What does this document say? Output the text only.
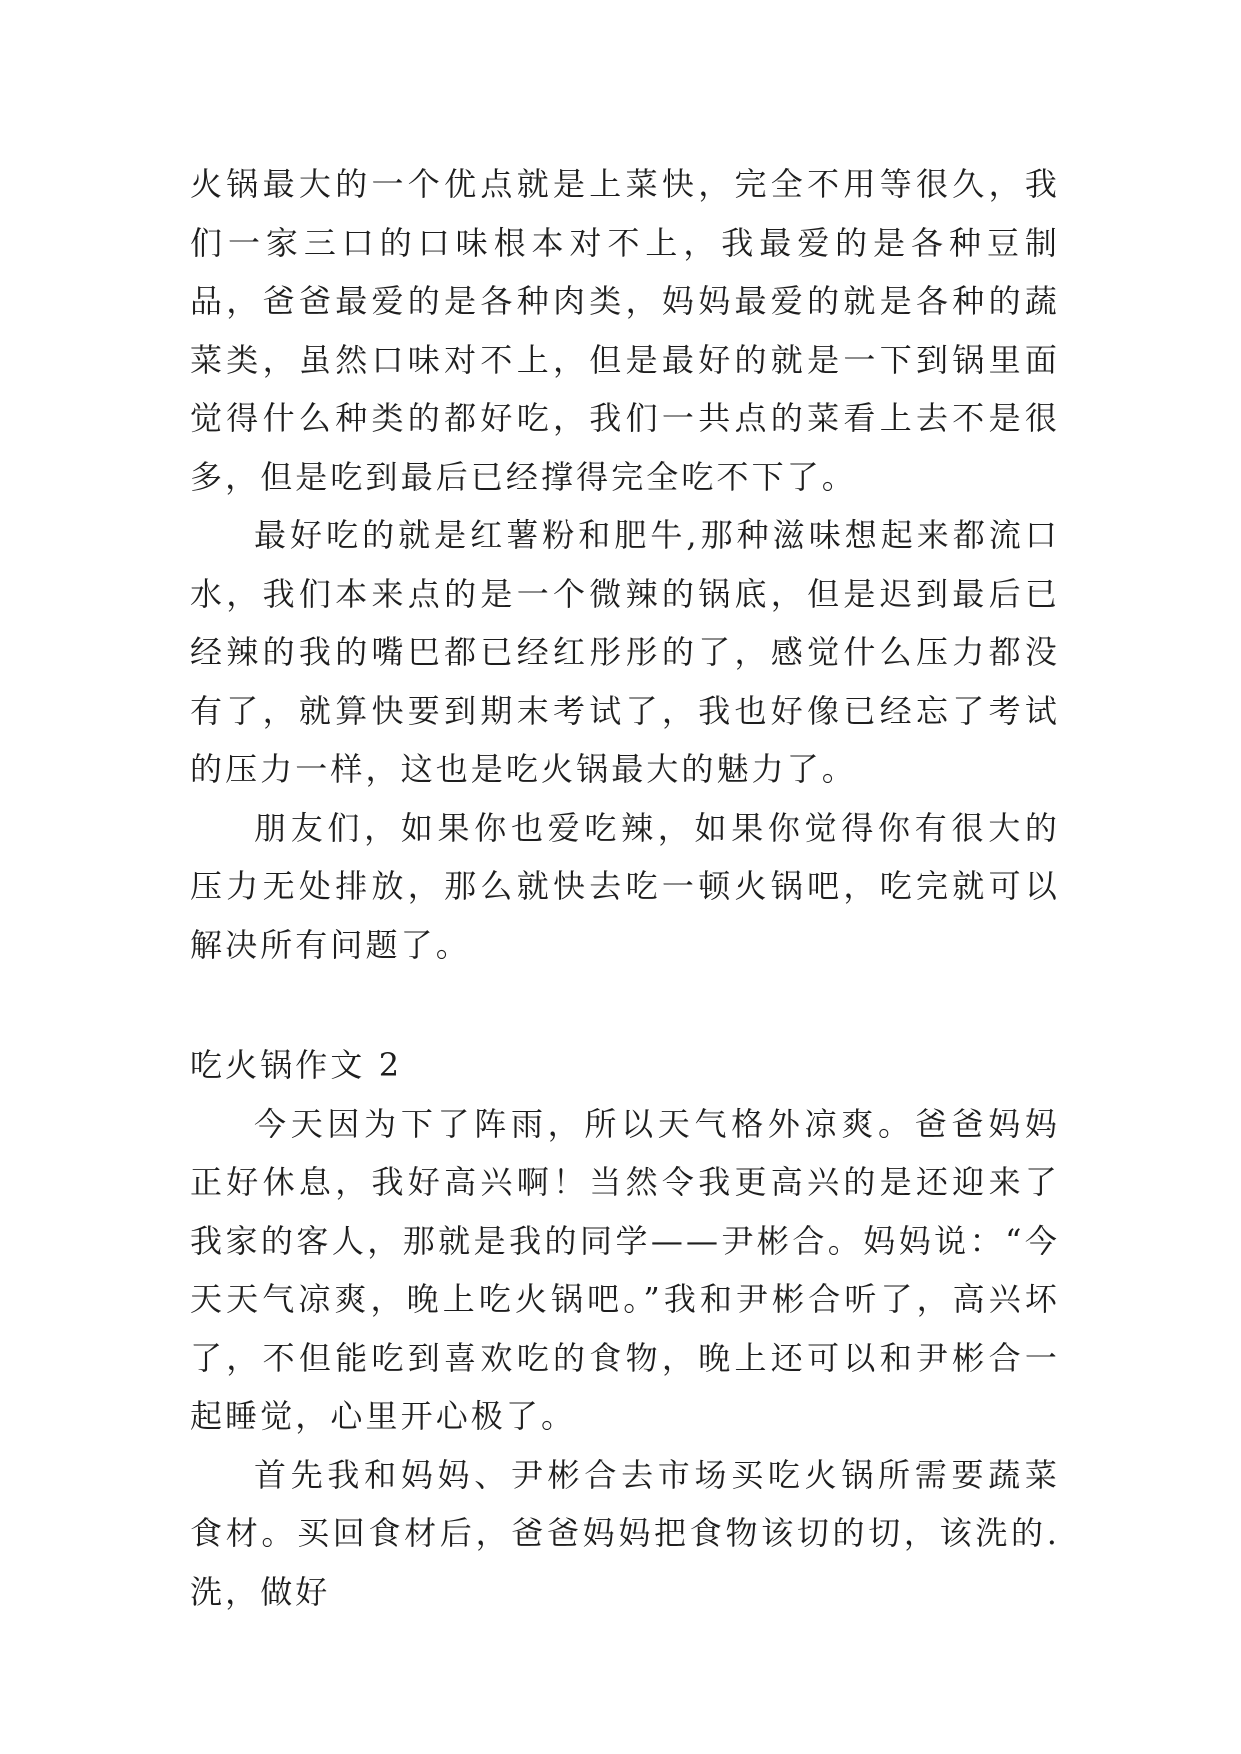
火锅最大的一个优点就是上菜快，完全不用等很久，我们一家三口的口味根本对不上，我最爱的是各种豆制品，爸爸最爱的是各种肉类，妈妈最爱的就是各种的蔬菜类，虽然口味对不上，但是最好的就是一下到锅里面觉得什么种类的都好吃，我们一共点的菜看上去不是很多，但是吃到最后已经撑得完全吃不下了。

最好吃的就是红薯粉和肥牛,那种滋味想起来都流口水，我们本来点的是一个微辣的锅底，但是迟到最后已经辣的我的嘴巴都已经红彤彤的了，感觉什么压力都没有了，就算快要到期末考试了，我也好像已经忘了考试的压力一样，这也是吃火锅最大的魅力了。

朋友们，如果你也爱吃辣，如果你觉得你有很大的压力无处排放，那么就快去吃一顿火锅吧，吃完就可以解决所有问题了。

吃火锅作文 2

今天因为下了阵雨，所以天气格外凉爽。爸爸妈妈正好休息，我好高兴啊！当然令我更高兴的是还迎来了我家的客人，那就是我的同学——尹彬合。妈妈说：“今天天气凉爽，晚上吃火锅吧。”我和尹彬合听了，高兴坏了，不但能吃到喜欢吃的食物，晚上还可以和尹彬合一起睡觉，心里开心极了。

首先我和妈妈、尹彬合去市场买吃火锅所需要蔬菜食材。买回食材后，爸爸妈妈把食物该切的切，该洗的.洗，做好
